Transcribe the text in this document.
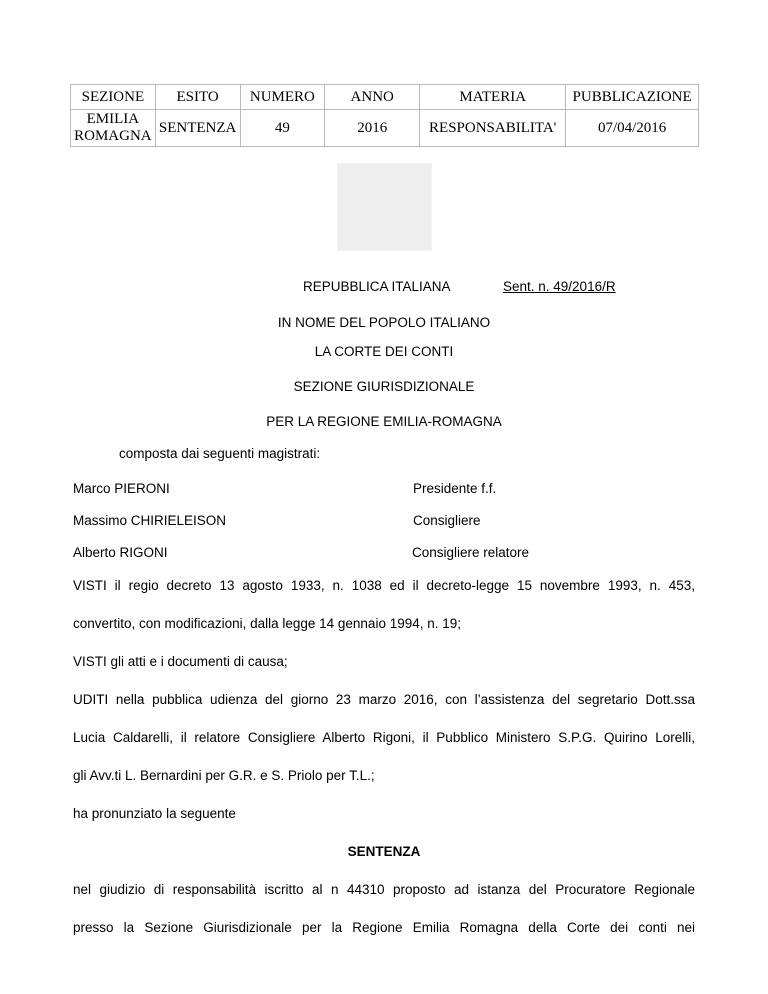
SEZIONE	ESITO	NUMERO	ANNO	MATERIA	PUBBLICAZIONE
EMILIA
ROMAGNA	SENTENZA	49	2016	RESPONSABILITA'	07/04/2016
REPUBBLICA ITALIANA	Sent. n. 49/2016/R
IN NOME DEL POPOLO ITALIANO
LA CORTE DEI CONTI
SEZIONE GIURISDIZIONALE
PER LA REGIONE EMILIA-ROMAGNA
composta dai seguenti magistrati:
Marco PIERONI	Presidente f.f.
Massimo CHIRIELEISON	Consigliere
Alberto RIGONI	Consigliere relatore
VISTI il regio decreto 13 agosto 1933, n. 1038 ed il decreto-legge 15 novembre 1993, n. 453,
convertito, con modificazioni, dalla legge 14 gennaio 1994, n. 19;
VISTI gli atti e i documenti di causa;
UDITI nella pubblica udienza del giorno 23 marzo 2016, con l’assistenza del segretario Dott.ssa
Lucia Caldarelli, il relatore Consigliere Alberto Rigoni, il Pubblico Ministero S.P.G. Quirino Lorelli,
gli Avv.ti L. Bernardini per G.R. e S. Priolo per T.L.;
ha pronunziato la seguente
SENTENZA
nel giudizio di responsabilità iscritto al n 44310 proposto ad istanza del Procuratore Regionale
presso la Sezione Giurisdizionale per la Regione Emilia Romagna della Corte dei conti nei
